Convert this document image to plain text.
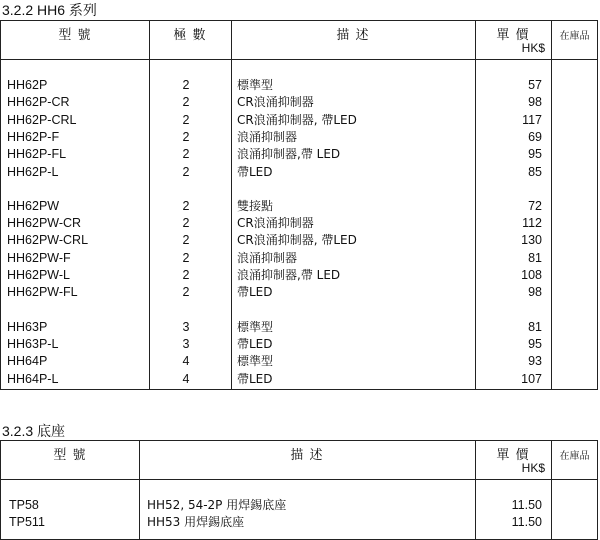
3.2.2 HH6 系列
型 號	極 數	描 述	單 價
HK$
在庫品
HH62P	2	標準型	57
HH62P-CR	2	CR浪涌抑制器	98
HH62P-CRL	2	CR浪涌抑制器, 帶LED	117
HH62P-F	2	浪涌抑制器	69
HH62P-FL	2	浪涌抑制器,帶 LED	95
HH62P-L	2	帶LED	85
HH62PW	2	雙接點	72
HH62PW-CR	2	CR浪涌抑制器	112
HH62PW-CRL	2	CR浪涌抑制器, 帶LED	130
HH62PW-F	2	浪涌抑制器	81
HH62PW-L	2	浪涌抑制器,帶 LED	108
HH62PW-FL	2	帶LED	98
HH63P	3	標準型	81
HH63P-L	3	帶LED	95
HH64P	4	標準型	93
HH64P-L	4	帶LED	107
3.2.3 底座
型 號	描 述	單 價
HK$
在庫品
TP58	HH52, 54-2P 用焊錫底座	11.50
TP511	HH53 用焊錫底座	11.50
